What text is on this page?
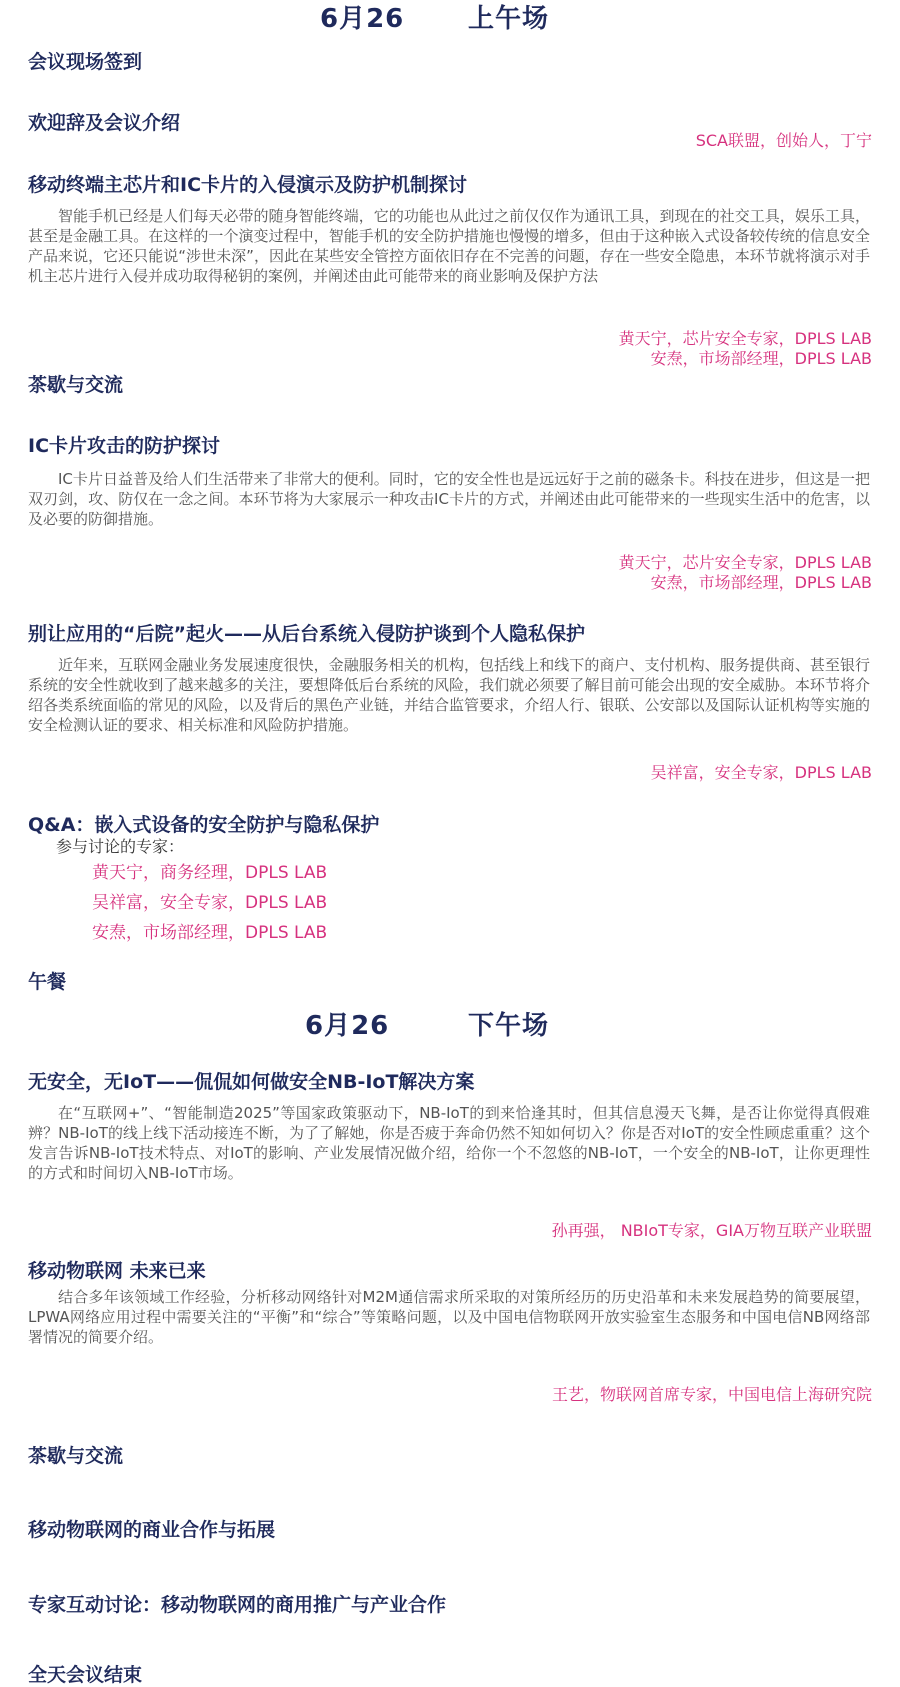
6月26 上午场
会议现场签到
欢迎辞及会议介绍
SCA联盟，创始人，丁宁
移动终端主芯片和IC卡片的入侵演示及防护机制探讨

智能手机已经是人们每天必带的随身智能终端，它的功能也从此过之前仅仅作为通讯工具，到现在的社交工具，娱乐工具，甚至是金融工具。在这样的一个演变过程中，智能手机的安全防护措施也慢慢的增多，但由于这种嵌入式设备较传统的信息安全产品来说，它还只能说“涉世未深”，因此在某些安全管控方面依旧存在不完善的问题，存在一些安全隐患，本环节就将演示对手机主芯片进行入侵并成功取得秘钥的案例，并阐述由此可能带来的商业影响及保护方法

黄天宁，芯片安全专家，DPLS LAB
安焘，市场部经理，DPLS LAB
茶歇与交流
IC卡片攻击的防护探讨

IC卡片日益普及给人们生活带来了非常大的便利。同时，它的安全性也是远远好于之前的磁条卡。科技在进步，但这是一把双刃剑，攻、防仅在一念之间。本环节将为大家展示一种攻击IC卡片的方式，并阐述由此可能带来的一些现实生活中的危害，以及必要的防御措施。

黄天宁，芯片安全专家，DPLS LAB
安焘，市场部经理，DPLS LAB
别让应用的“后院”起火——从后台系统入侵防护谈到个人隐私保护

近年来，互联网金融业务发展速度很快，金融服务相关的机构，包括线上和线下的商户、支付机构、服务提供商、甚至银行系统的安全性就收到了越来越多的关注，要想降低后台系统的风险，我们就必须要了解目前可能会出现的安全威胁。本环节将介绍各类系统面临的常见的风险，以及背后的黑色产业链，并结合监管要求，介绍人行、银联、公安部以及国际认证机构等实施的安全检测认证的要求、相关标准和风险防护措施。

吴祥富，安全专家，DPLS LAB
Q&A：嵌入式设备的安全防护与隐私保护
参与讨论的专家：
黄天宁，商务经理，DPLS LAB
吴祥富，安全专家，DPLS LAB
安焘，市场部经理，DPLS LAB
午餐
6月26	下午场
无安全，无IoT——侃侃如何做安全NB-IoT解决方案

在“互联网+”、“智能制造2025”等国家政策驱动下，NB-IoT的到来恰逢其时，但其信息漫天飞舞，是否让你觉得真假难辨？NB-IoT的线上线下活动接连不断，为了了解她，你是否疲于奔命仍然不知如何切入？你是否对IoT的安全性顾虑重重？这个发言告诉NB-IoT技术特点、对IoT的影响、产业发展情况做介绍，给你一个不忽悠的NB-IoT，一个安全的NB-IoT，让你更理性的方式和时间切入NB-IoT市场。

孙再强， NBIoT专家，GIA万物互联产业联盟
移动物联网 未来已来

结合多年该领域工作经验，分析移动网络针对M2M通信需求所采取的对策所经历的历史沿革和未来发展趋势的简要展望，LPWA网络应用过程中需要关注的“平衡”和“综合”等策略问题，以及中国电信物联网开放实验室生态服务和中国电信NB网络部署情况的简要介绍。

王艺，物联网首席专家，中国电信上海研究院
茶歇与交流
移动物联网的商业合作与拓展
专家互动讨论：移动物联网的商用推广与产业合作
全天会议结束
